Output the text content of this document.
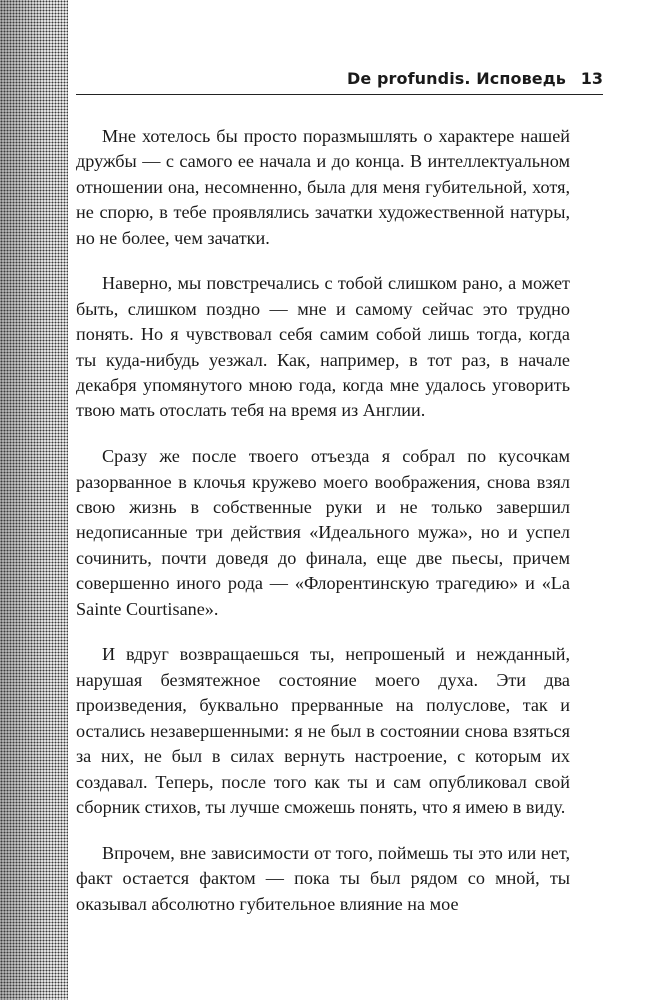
De profundis. Исповедь 13

Мне хотелось бы просто поразмышлять о характере нашей дружбы — с самого ее начала и до конца. В интеллектуальном отношении она, несомненно, была для меня губительной, хотя, не спорю, в тебе проявлялись зачатки художественной натуры, но не более, чем зачатки.

Наверно, мы повстречались с тобой слишком рано, а может быть, слишком поздно — мне и самому сейчас это трудно понять. Но я чувствовал себя самим собой лишь тогда, когда ты куда-нибудь уезжал. Как, например, в тот раз, в начале декабря упомянутого мною года, когда мне удалось уговорить твою мать отослать тебя на время из Англии.

Сразу же после твоего отъезда я собрал по кусочкам разорванное в клочья кружево моего воображения, снова взял свою жизнь в собственные руки и не только завершил недописанные три действия «Идеального мужа», но и успел сочинить, почти доведя до финала, еще две пьесы, причем совершенно иного рода — «Флорентинскую трагедию» и «La Sainte Courtisane».

И вдруг возвращаешься ты, непрошеный и нежданный, нарушая безмятежное состояние моего духа. Эти два произведения, буквально прерванные на полуслове, так и остались незавершенными: я не был в состоянии снова взяться за них, не был в силах вернуть настроение, с которым их создавал. Теперь, после того как ты и сам опубликовал свой сборник стихов, ты лучше сможешь понять, что я имею в виду.

Впрочем, вне зависимости от того, поймешь ты это или нет, факт остается фактом — пока ты был рядом со мной, ты оказывал абсолютно губительное влияние на мое
